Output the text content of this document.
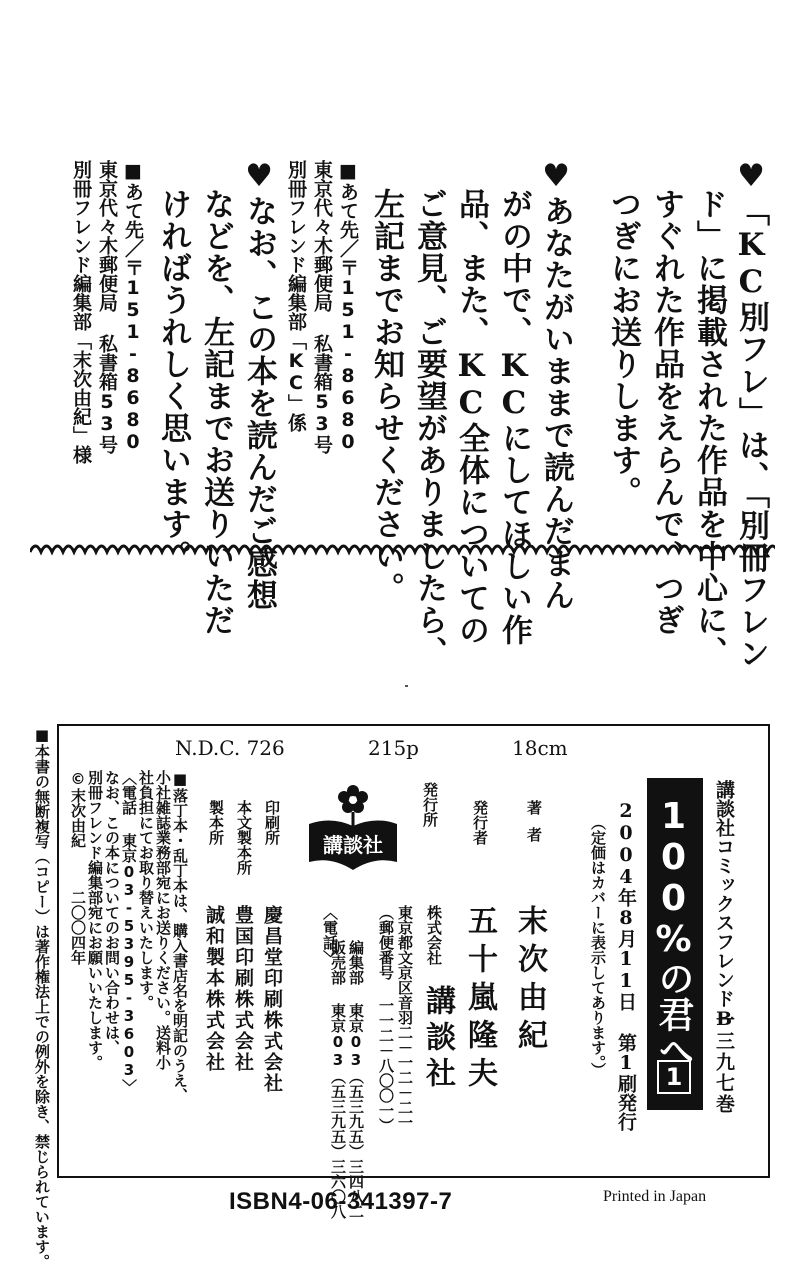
♥「KC別フレ」は、「別冊フレン
ド」に掲載された作品を中心に、
すぐれた作品をえらんで、つぎ
つぎにお送りします。
♥あなたがいままで読んだまん
がの中で、KCにしてほしい作
品、また、KC全体についての
ご意見、ご要望がありましたら、
左記までお知らせください。
■あて先／〒151-8680
東京代々木郵便局 私書箱53号
別冊フレンド編集部「KC」係
♥なお、この本を読んだご感想
などを、左記までお送りいただ
ければうれしく思います。
■あて先／〒151-8680
東京代々木郵便局 私書箱53号
別冊フレンド編集部「末次由紀」様
N.D.C. 726	215p	18cm
講談社コミックスフレンドB
一三九七巻
100%の君へ
1
2004年8月11日 第1刷発行
（定価はカバーに表示してあります。）
著者
末次由紀
発行者
五十嵐隆夫
発行所
株式会社
講談社
東京都文京区音羽二－一二－二一
（郵便番号 一一二－八〇〇一）
〈電話〉
編集部 東京03（五三九五）三四八二
販売部 東京03（五三九五）三六〇八
講談社
印刷所
慶昌堂印刷株式会社
本文製本所
豊国印刷株式会社
製本所
誠和製本株式会社
■落丁本・乱丁本は、購入書店名を明記のうえ、
小社雑誌業務部宛にお送りください。送料小
社負担にてお取り替えいたします。
〈電話 東京03-5395-3603〉
なお、この本についてのお問い合わせは、
別冊フレンド編集部宛にお願いいたします。
©末次由紀
二〇〇四年
■本書の無断複写（コピー）は著作権法上での例外を除き、禁じられています。	ISBN4-06-341397-7	Printed in Japan
